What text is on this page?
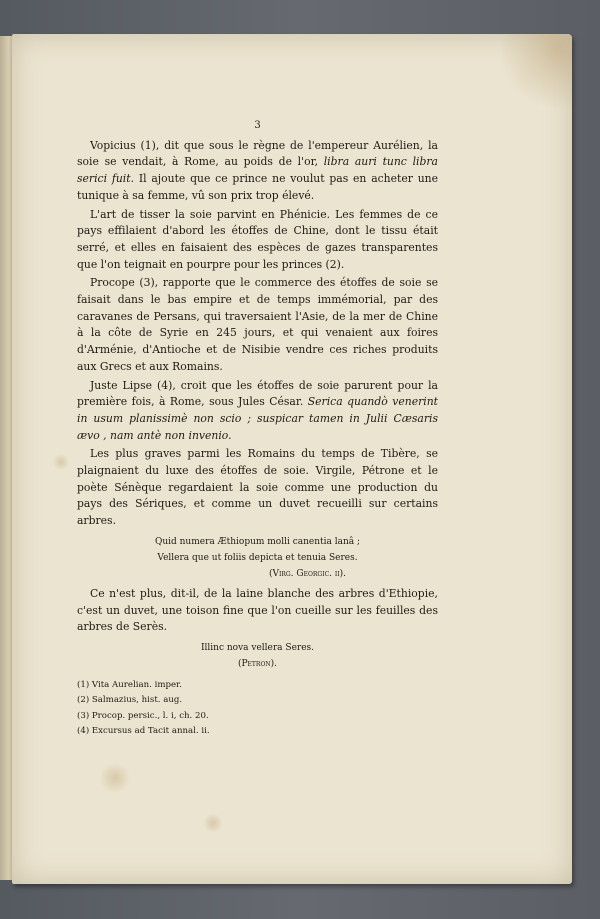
3

Vopicius (1), dit que sous le règne de l'empereur Aurélien, la soie se vendait, à Rome, au poids de l'or, libra auri tunc libra serici fuit. Il ajoute que ce prince ne voulut pas en acheter une tunique à sa femme, vû son prix trop élevé.

L'art de tisser la soie parvint en Phénicie. Les femmes de ce pays effilaient d'abord les étoffes de Chine, dont le tissu était serré, et elles en faisaient des espèces de gazes transparentes que l'on teignait en pourpre pour les princes (2).

Procope (3), rapporte que le commerce des étoffes de soie se faisait dans le bas empire et de temps immémorial, par des caravanes de Persans, qui traversaient l'Asie, de la mer de Chine à la côte de Syrie en 245 jours, et qui venaient aux foires d'Arménie, d'Antioche et de Nisibie vendre ces riches produits aux Grecs et aux Romains.

Juste Lipse (4), croit que les étoffes de soie parurent pour la première fois, à Rome, sous Jules César. Serica quandò venerint in usum planissimè non scio ; suspicar tamen in Julii Cæsaris ævo , nam antè non invenio.

Les plus graves parmi les Romains du temps de Tibère, se plaignaient du luxe des étoffes de soie. Virgile, Pétrone et le poète Sénèque regardaient la soie comme une production du pays des Sériques, et comme un duvet recueilli sur certains arbres.

Quid numera Æthiopum molli canentia lanâ ;
Vellera que ut foliis depicta et tenuia Seres.
(Virg. Georgic. ii).

Ce n'est plus, dit-il, de la laine blanche des arbres d'Ethiopie, c'est un duvet, une toison fine que l'on cueille sur les feuilles des arbres de Serès.

Illinc nova vellera Seres.
(Petron).

(1) Vita Aurelian. imper.
(2) Salmazius, hist. aug.
(3) Procop. persic., l. i, ch. 20.
(4) Excursus ad Tacit annal. ii.
